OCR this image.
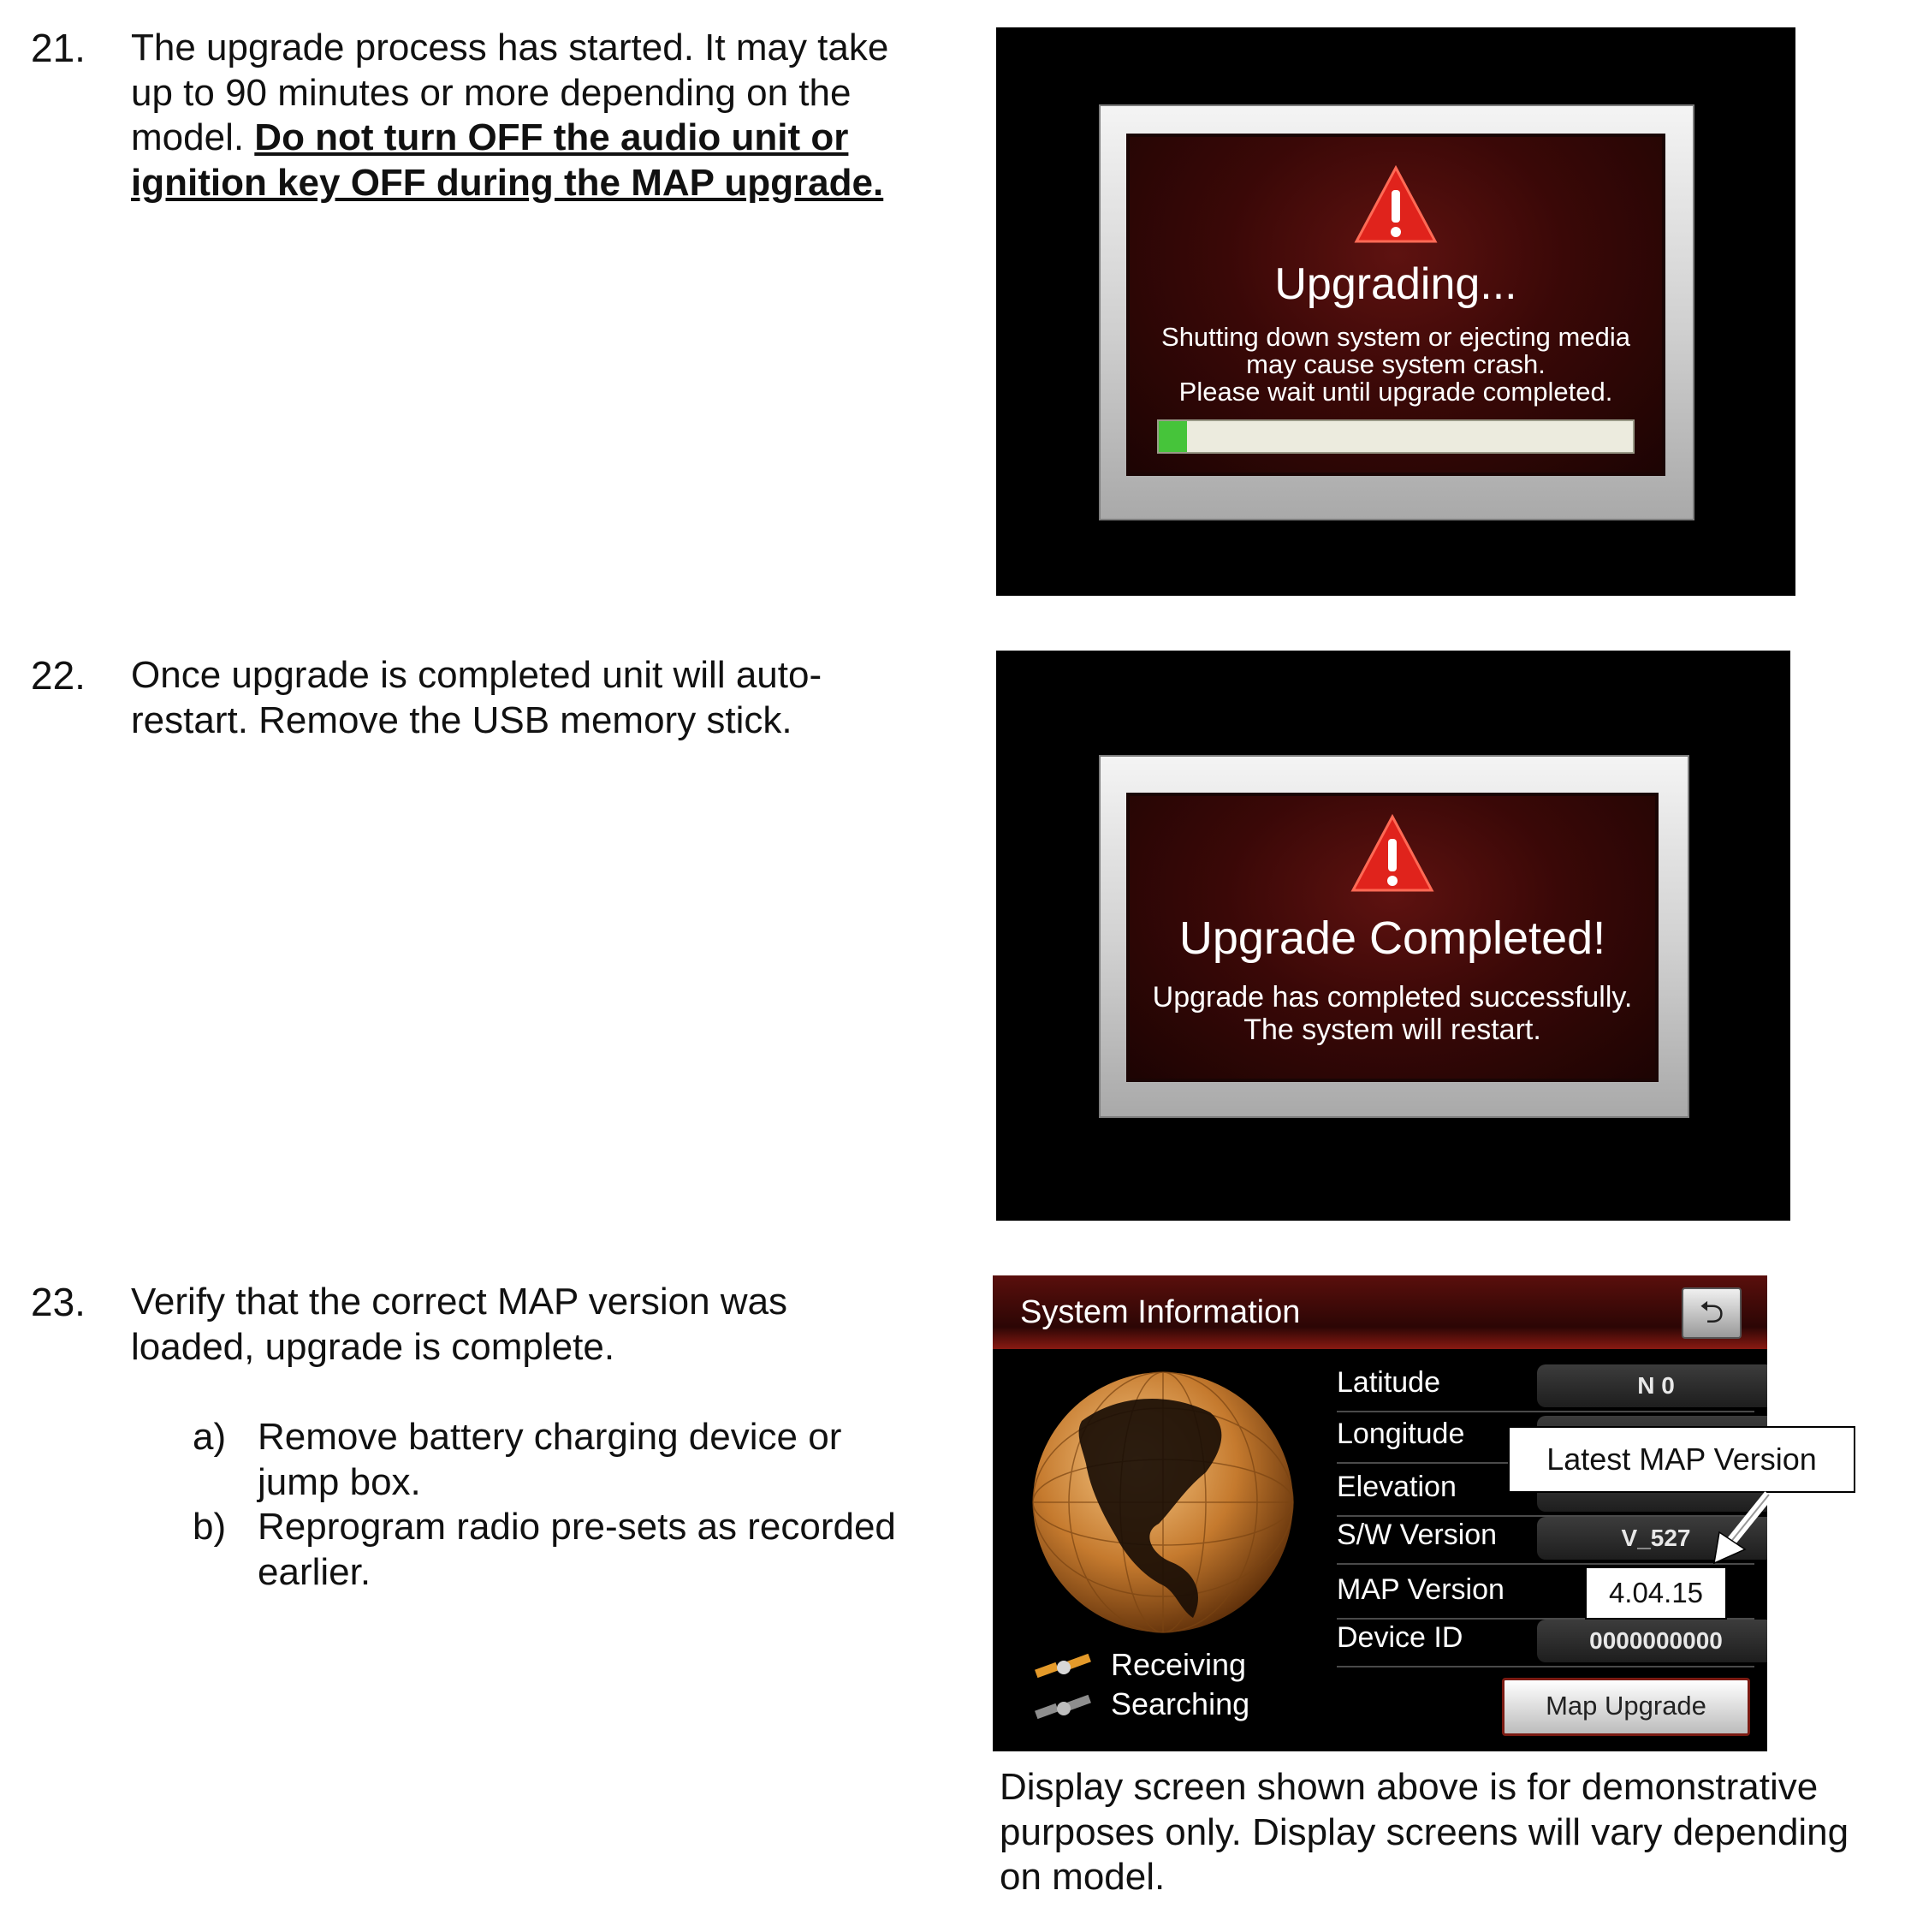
21. The upgrade process has started. It may take up to 90 minutes or more depending on the model. Do not turn OFF the audio unit or ignition key OFF during the MAP upgrade.
Upgrading...
Shutting down system or ejecting media
may cause system crash.
Please wait until upgrade completed.
22. Once upgrade is completed unit will auto-restart. Remove the USB memory stick.
Upgrade Completed!
Upgrade has completed successfully.
The system will restart.
23. Verify that the correct MAP version was loaded, upgrade is complete.
a) Remove battery charging device or jump box.
b) Reprogram radio pre-sets as recorded earlier.
System Information	⮌
Receiving
Searching
Latitude	N 0
Longitude
Elevation
S/W Version	V_527
MAP Version	4.04.15
Device ID	0000000000
Map Upgrade
Latest MAP Version
Display screen shown above is for demonstrative purposes only. Display screens will vary depending on model.
